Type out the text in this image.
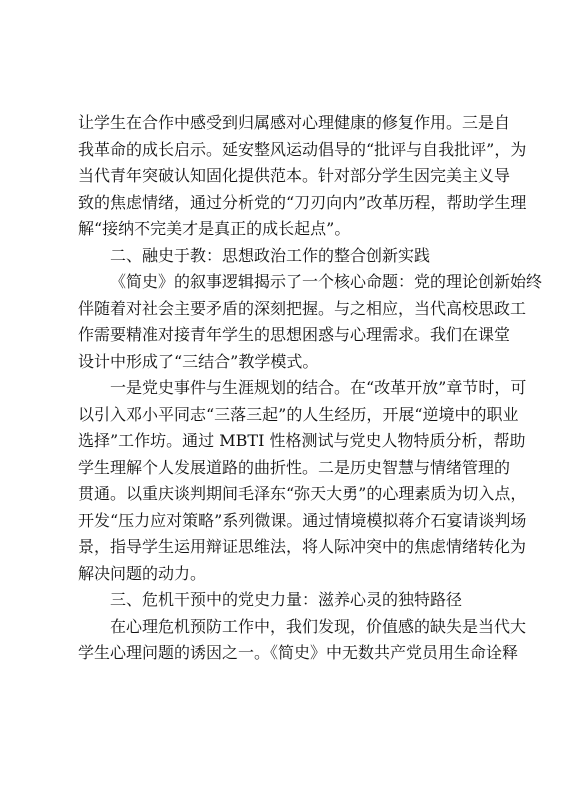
让学生在合作中感受到归属感对心理健康的修复作用。三是自
我革命的成长启示。延安整风运动倡导的“批评与自我批评”，为
当代青年突破认知固化提供范本。针对部分学生因完美主义导
致的焦虑情绪，通过分析党的“刀刃向内”改革历程，帮助学生理
解“接纳不完美才是真正的成长起点”。
二、融史于教：思想政治工作的整合创新实践
《简史》的叙事逻辑揭示了一个核心命题：党的理论创新始终
伴随着对社会主要矛盾的深刻把握。与之相应，当代高校思政工
作需要精准对接青年学生的思想困惑与心理需求。我们在课堂
设计中形成了“三结合”教学模式。
一是党史事件与生涯规划的结合。在“改革开放”章节时，可
以引入邓小平同志“三落三起”的人生经历，开展“逆境中的职业
选择”工作坊。通过 MBTI 性格测试与党史人物特质分析，帮助
学生理解个人发展道路的曲折性。二是历史智慧与情绪管理的
贯通。以重庆谈判期间毛泽东“弥天大勇”的心理素质为切入点，
开发“压力应对策略”系列微课。通过情境模拟蒋介石宴请谈判场
景，指导学生运用辩证思维法，将人际冲突中的焦虑情绪转化为
解决问题的动力。
三、危机干预中的党史力量：滋养心灵的独特路径
在心理危机预防工作中，我们发现，价值感的缺失是当代大
学生心理问题的诱因之一。《简史》中无数共产党员用生命诠释
